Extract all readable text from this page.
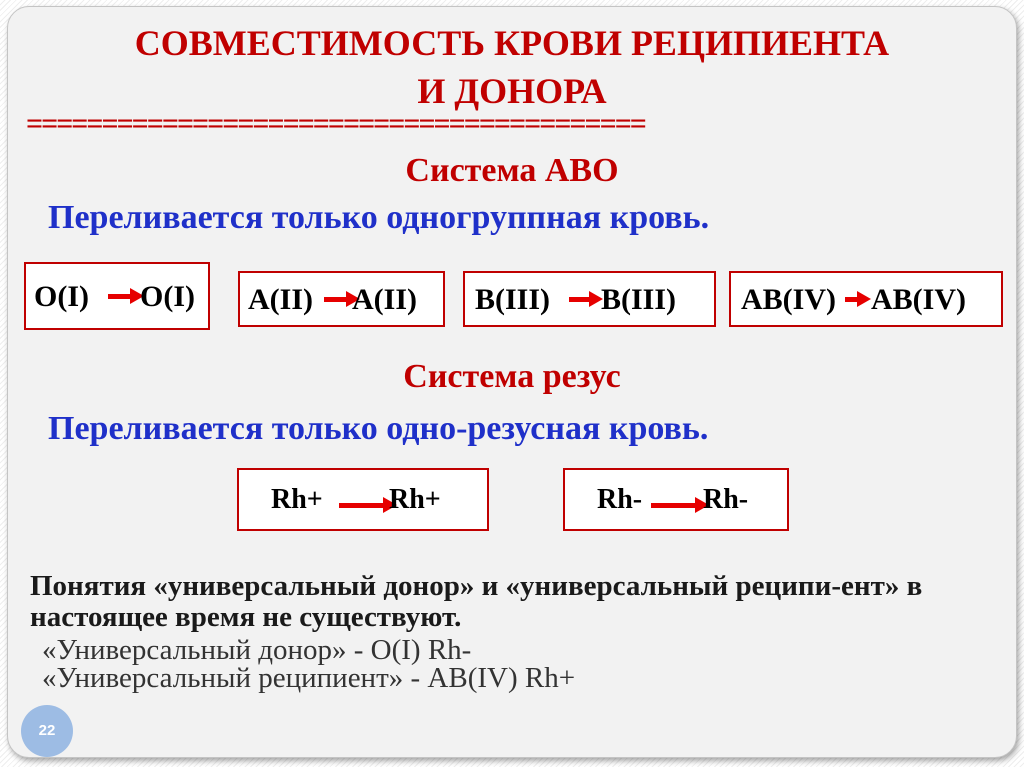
СОВМЕСТИМОСТЬ КРОВИ РЕЦИПИЕНТА
И ДОНОРА
=========================================
Система АВО
Переливается только одногруппная кровь.
O(I) O(I) A(II) A(II) B(III) B(III) AB(IV) AB(IV)
Система резус
Переливается только одно-резусная кровь.
Rh+ Rh+	Rh- Rh-
Понятия «универсальный донор» и «универсальный реципи-ент» в настоящее время не существуют.
«Универсальный донор» - O(I) Rh-
«Универсальный реципиент» - AB(IV) Rh+
22
